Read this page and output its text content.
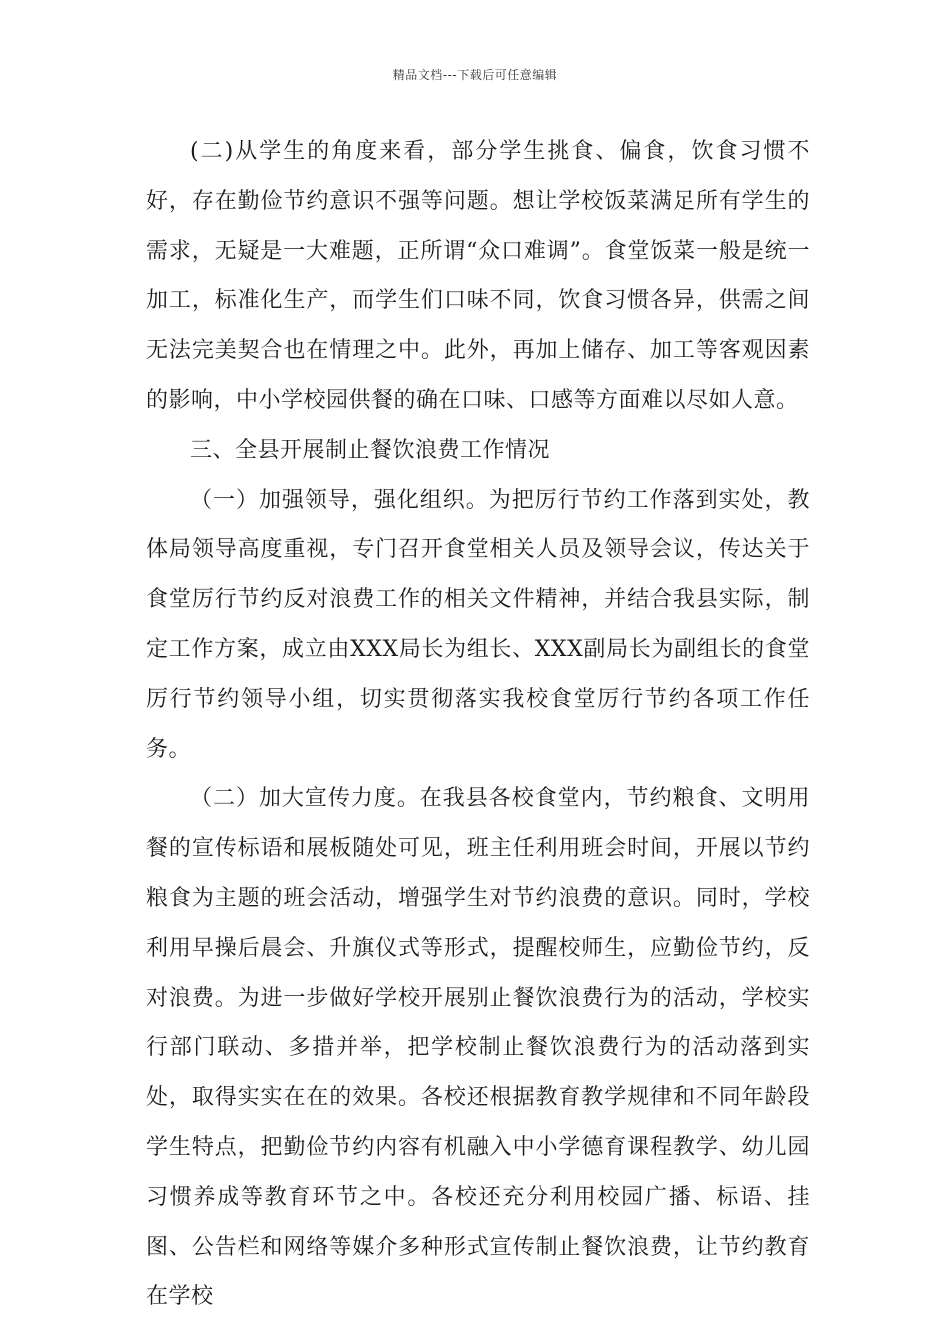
精品文档---下载后可任意编辑

(二)从学生的角度来看，部分学生挑食、偏食，饮食习惯不好，存在勤俭节约意识不强等问题。想让学校饭菜满足所有学生的需求，无疑是一大难题，正所谓“众口难调”。食堂饭菜一般是统一加工，标准化生产，而学生们口味不同，饮食习惯各异，供需之间无法完美契合也在情理之中。此外，再加上储存、加工等客观因素的影响，中小学校园供餐的确在口味、口感等方面难以尽如人意。

三、全县开展制止餐饮浪费工作情况

（一）加强领导，强化组织。为把厉行节约工作落到实处，教体局领导高度重视，专门召开食堂相关人员及领导会议，传达关于食堂厉行节约反对浪费工作的相关文件精神，并结合我县实际，制定工作方案，成立由XXX局长为组长、XXX副局长为副组长的食堂厉行节约领导小组，切实贯彻落实我校食堂厉行节约各项工作任务。

（二）加大宣传力度。在我县各校食堂内，节约粮食、文明用餐的宣传标语和展板随处可见，班主任利用班会时间，开展以节约粮食为主题的班会活动，增强学生对节约浪费的意识。同时，学校利用早操后晨会、升旗仪式等形式，提醒校师生，应勤俭节约，反对浪费。为进一步做好学校开展别止餐饮浪费行为的活动，学校实行部门联动、多措并举，把学校制止餐饮浪费行为的活动落到实处，取得实实在在的效果。各校还根据教育教学规律和不同年龄段学生特点，把勤俭节约内容有机融入中小学德育课程教学、幼儿园习惯养成等教育环节之中。各校还充分利用校园广播、标语、挂图、公告栏和网络等媒介多种形式宣传制止餐饮浪费，让节约教育在学校
